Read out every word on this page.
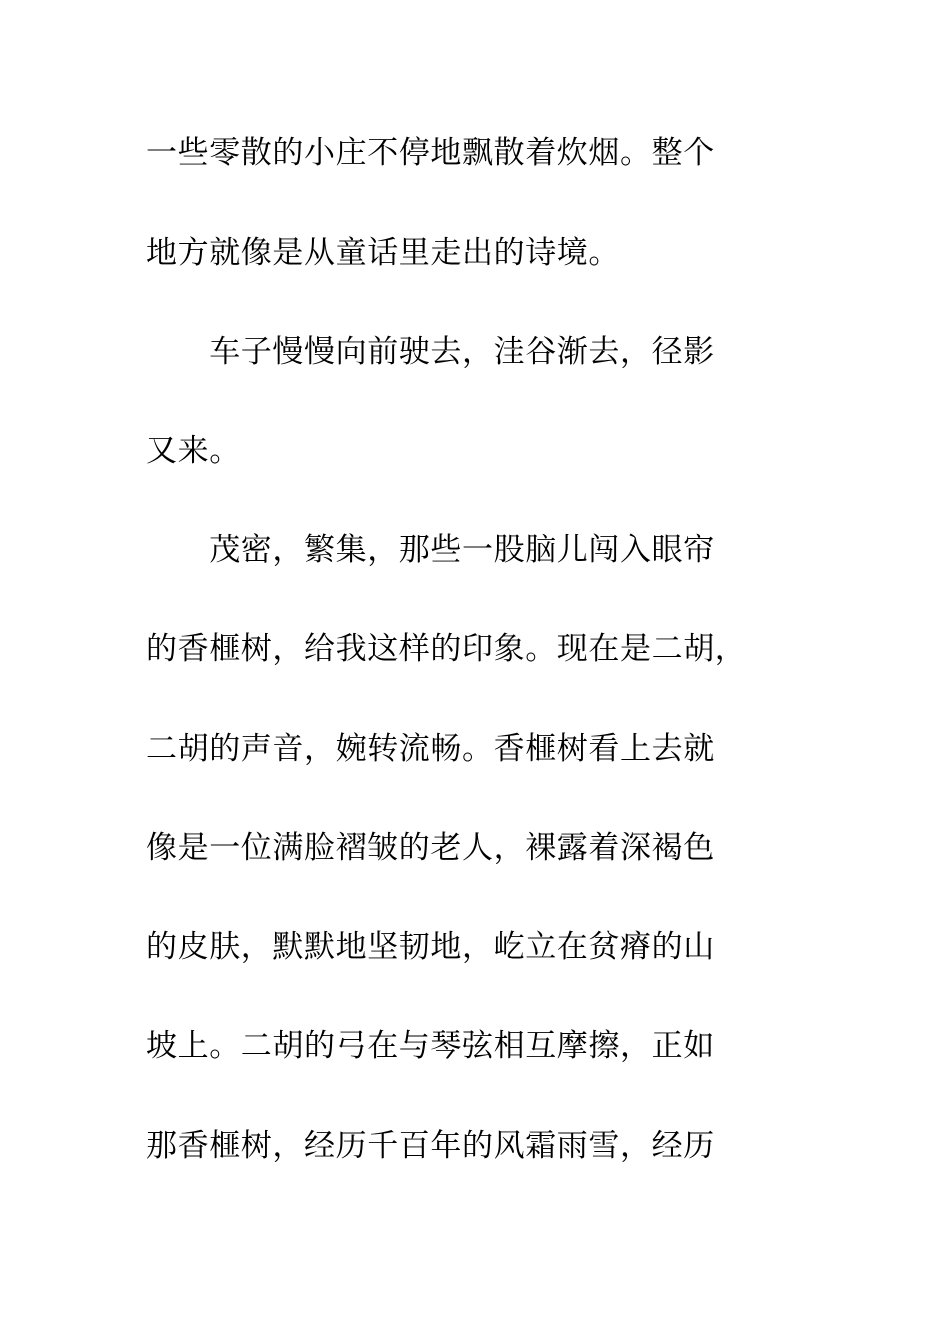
一些零散的小庄不停地飘散着炊烟。整个
地方就像是从童话里走出的诗境。
　　车子慢慢向前驶去，洼谷渐去，径影
又来。
　　茂密，繁集，那些一股脑儿闯入眼帘
的香榧树，给我这样的印象。现在是二胡，
二胡的声音，婉转流畅。香榧树看上去就
像是一位满脸褶皱的老人，裸露着深褐色
的皮肤，默默地坚韧地，屹立在贫瘠的山
坡上。二胡的弓在与琴弦相互摩擦，正如
那香榧树，经历千百年的风霜雨雪，经历
